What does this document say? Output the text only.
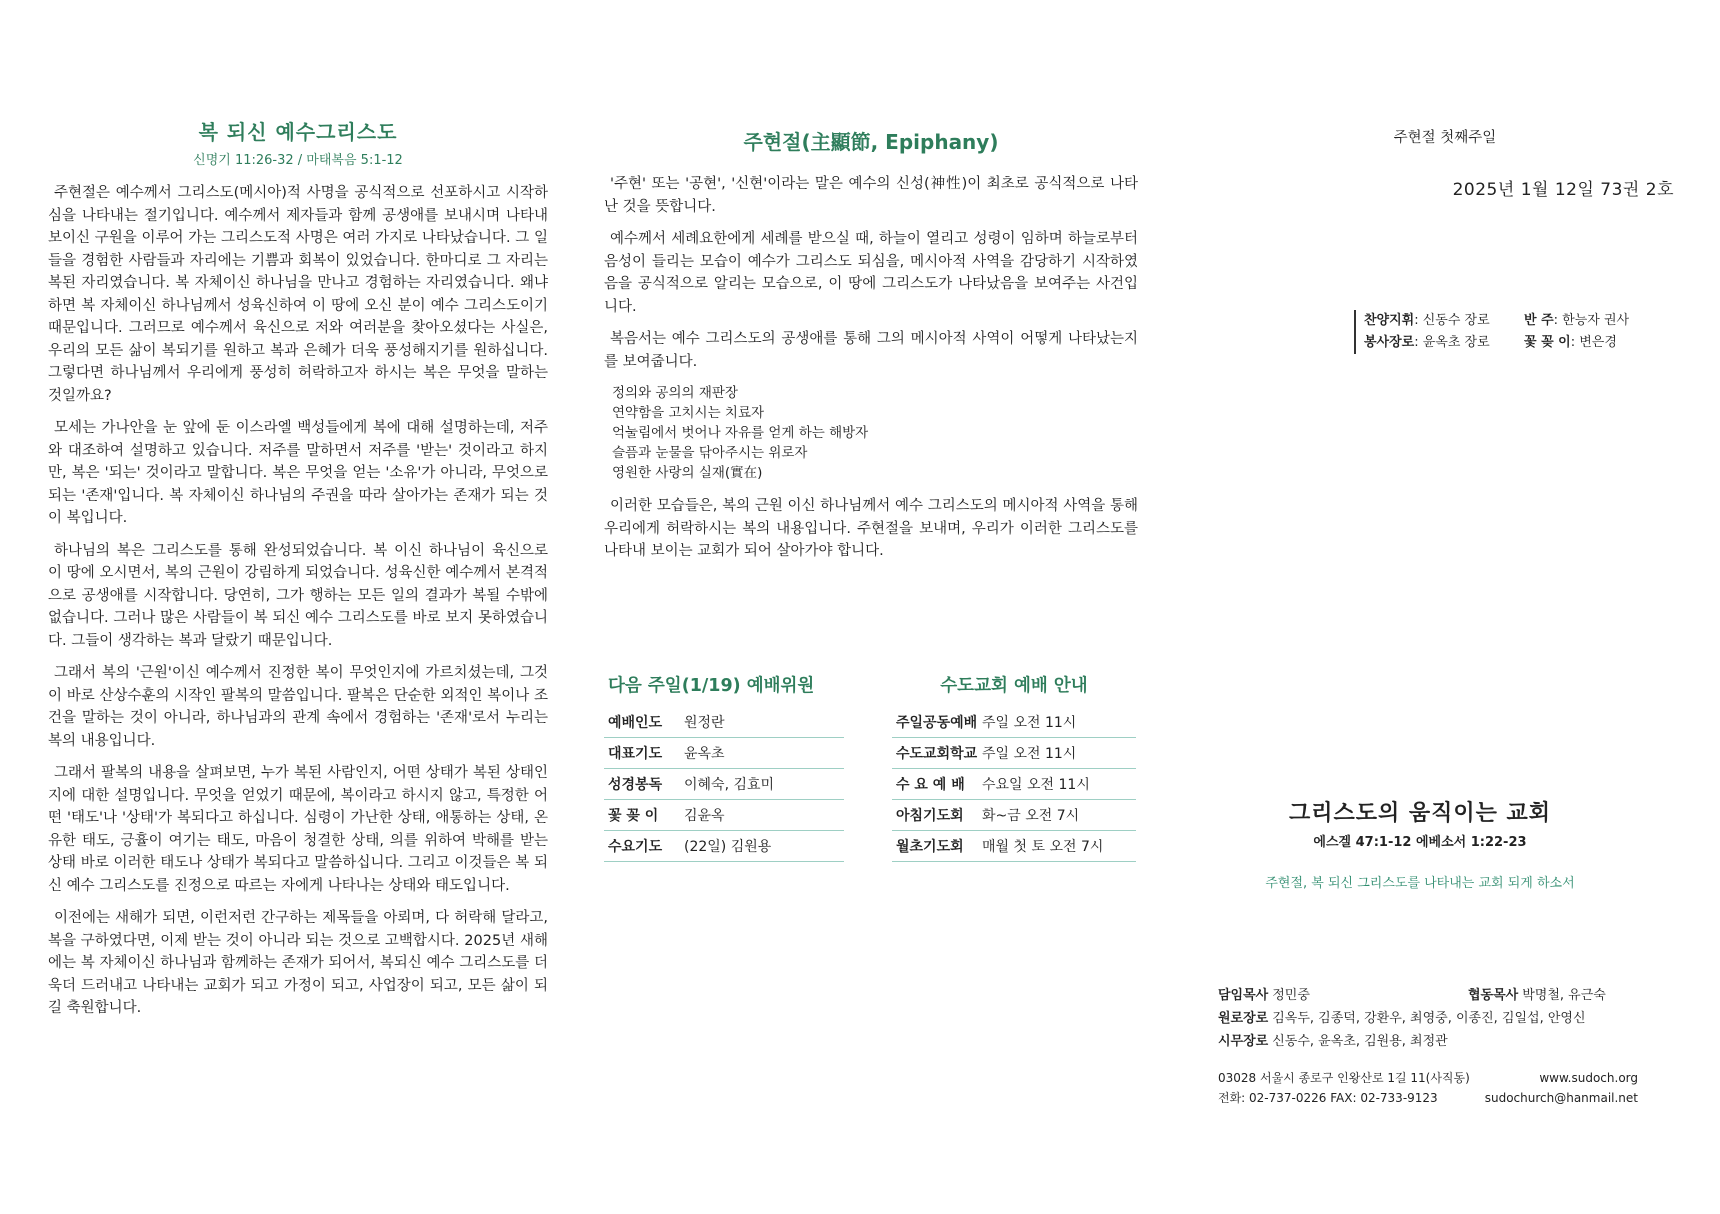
복 되신 예수그리스도
신명기 11:26-32 / 마태복음 5:1-12

주현절은 예수께서 그리스도(메시아)적 사명을 공식적으로 선포하시고 시작하심을 나타내는 절기입니다. 예수께서 제자들과 함께 공생애를 보내시며 나타내 보이신 구원을 이루어 가는 그리스도적 사명은 여러 가지로 나타났습니다. 그 일들을 경험한 사람들과 자리에는 기쁨과 회복이 있었습니다. 한마디로 그 자리는 복된 자리였습니다. 복 자체이신 하나님을 만나고 경험하는 자리였습니다. 왜냐하면 복 자체이신 하나님께서 성육신하여 이 땅에 오신 분이 예수 그리스도이기 때문입니다. 그러므로 예수께서 육신으로 저와 여러분을 찾아오셨다는 사실은, 우리의 모든 삶이 복되기를 원하고 복과 은혜가 더욱 풍성해지기를 원하십니다. 그렇다면 하나님께서 우리에게 풍성히 허락하고자 하시는 복은 무엇을 말하는 것일까요?

모세는 가나안을 눈 앞에 둔 이스라엘 백성들에게 복에 대해 설명하는데, 저주와 대조하여 설명하고 있습니다. 저주를 말하면서 저주를 '받는' 것이라고 하지만, 복은 '되는' 것이라고 말합니다. 복은 무엇을 얻는 '소유'가 아니라, 무엇으로 되는 '존재'입니다. 복 자체이신 하나님의 주권을 따라 살아가는 존재가 되는 것이 복입니다.

하나님의 복은 그리스도를 통해 완성되었습니다. 복 이신 하나님이 육신으로 이 땅에 오시면서, 복의 근원이 강림하게 되었습니다. 성육신한 예수께서 본격적으로 공생애를 시작합니다. 당연히, 그가 행하는 모든 일의 결과가 복될 수밖에 없습니다. 그러나 많은 사람들이 복 되신 예수 그리스도를 바로 보지 못하였습니다. 그들이 생각하는 복과 달랐기 때문입니다.

그래서 복의 '근원'이신 예수께서 진정한 복이 무엇인지에 가르치셨는데, 그것이 바로 산상수훈의 시작인 팔복의 말씀입니다. 팔복은 단순한 외적인 복이나 조건을 말하는 것이 아니라, 하나님과의 관계 속에서 경험하는 '존재'로서 누리는 복의 내용입니다.

그래서 팔복의 내용을 살펴보면, 누가 복된 사람인지, 어떤 상태가 복된 상태인지에 대한 설명입니다. 무엇을 얻었기 때문에, 복이라고 하시지 않고, 특정한 어떤 '태도'나 '상태'가 복되다고 하십니다. 심령이 가난한 상태, 애통하는 상태, 온유한 태도, 긍휼이 여기는 태도, 마음이 청결한 상태, 의를 위하여 박해를 받는 상태 바로 이러한 태도나 상태가 복되다고 말씀하십니다. 그리고 이것들은 복 되신 예수 그리스도를 진정으로 따르는 자에게 나타나는 상태와 태도입니다.

이전에는 새해가 되면, 이런저런 간구하는 제목들을 아뢰며, 다 허락해 달라고, 복을 구하였다면, 이제 받는 것이 아니라 되는 것으로 고백합시다. 2025년 새해에는 복 자체이신 하나님과 함께하는 존재가 되어서, 복되신 예수 그리스도를 더욱더 드러내고 나타내는 교회가 되고 가정이 되고, 사업장이 되고, 모든 삶이 되길 축원합니다.

주현절(主顯節, Epiphany)

'주현' 또는 '공현', '신현'이라는 말은 예수의 신성(神性)이 최초로 공식적으로 나타난 것을 뜻합니다.

예수께서 세례요한에게 세례를 받으실 때, 하늘이 열리고 성령이 임하며 하늘로부터 음성이 들리는 모습이 예수가 그리스도 되심을, 메시아적 사역을 감당하기 시작하였음을 공식적으로 알리는 모습으로, 이 땅에 그리스도가 나타났음을 보여주는 사건입니다.

복음서는 예수 그리스도의 공생애를 통해 그의 메시아적 사역이 어떻게 나타났는지를 보여줍니다.

정의와 공의의 재판장
연약함을 고치시는 치료자
억눌림에서 벗어나 자유를 얻게 하는 해방자
슬픔과 눈물을 닦아주시는 위로자
영원한 사랑의 실재(實在)

이러한 모습들은, 복의 근원 이신 하나님께서 예수 그리스도의 메시아적 사역을 통해 우리에게 허락하시는 복의 내용입니다. 주현절을 보내며, 우리가 이러한 그리스도를 나타내 보이는 교회가 되어 살아가야 합니다.

다음 주일(1/19) 예배위원
예배인도	원정란
대표기도	윤옥초
성경봉독	이혜숙, 김효미
꽃 꽂 이	김윤옥
수요기도	(22일) 김원용
수도교회 예배 안내
주일공동예배 주일 오전 11시
수도교회학교 주일 오전 11시
수 요 예 배	수요일 오전 11시
아침기도회	화~금 오전 7시
월초기도회	매월 첫 토 오전 7시
주현절 첫째주일
2025년 1월 12일 73권 2호
찬양지휘: 신동수 장로	반 주: 한능자 권사
봉사장로: 윤옥초 장로	꽃 꽂 이: 변은경
그리스도의 움직이는 교회
에스겔 47:1-12 에베소서 1:22-23
주현절, 복 되신 그리스도를 나타내는 교회 되게 하소서
담임목사 정민중	협동목사 박명철, 유근숙
원로장로 김옥두, 김종덕, 강환우, 최영중, 이종진, 김일섭, 안영신
시무장로 신동수, 윤옥초, 김원용, 최정관
03028 서울시 종로구 인왕산로 1길 11(사직동)	www.sudoch.org
전화: 02-737-0226 FAX: 02-733-9123	sudochurch@hanmail.net
